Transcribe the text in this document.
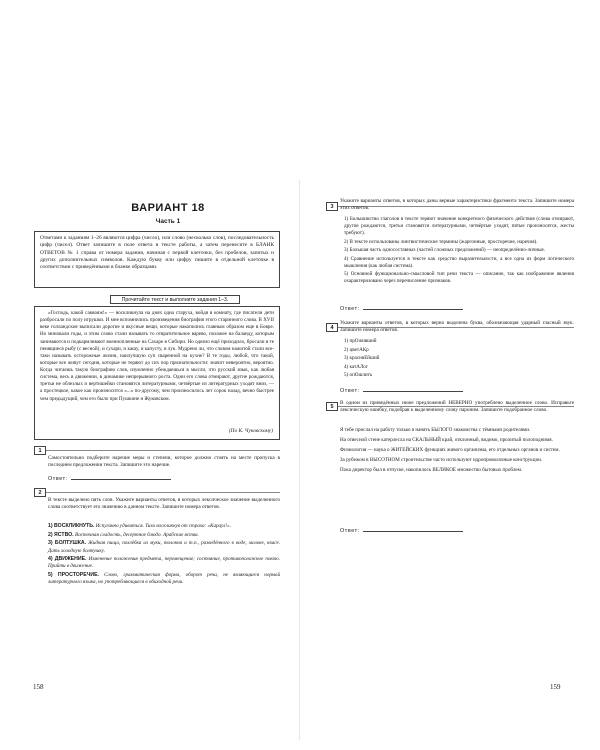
ВАРИАНТ 18
Часть 1
Ответами к заданиям 1–26 являются цифра (число), или слово (несколько слов), последовательность цифр (чисел). Ответ запишите в поле ответа в тексте работы, а затем перенесите в БЛАНК ОТВЕТОВ № 1 справа от номера задания, начиная с первой клеточки, без пробелов, запятых и других дополнительных символов. Каждую букву или цифру пишите в отдельной клеточке в соответствии с приведёнными в бланке образцами.
Прочитайте текст и выполните задания 1–3.

«Господь, какой саквояж!» — воскликнула на днях одна старуха, войдя в комнату, где писатели дети разбросали по полу игрушки. И мне вспомнились произведения биография этого старинного слова. В XVII веке голландские выписали дорогие и вкусные вещи, которые накопились главным образом еще в Бовре. Но миновали годы, и этим слово стали называть то отвратительное варево, похожее на баланду, которым занимаются и подкармливают военнопленные на Сахаре в Сибири. Но одеяло ещё приходило, бросали в те пенящиеся рыбу (с весной), и сухари, и кашу, и капусту, и лук. Мудрено ли, что словом нажитой стали все-таки называть осторожные жизни, наилучшую суп сваренной на кухне? В те годы, любой, что такой, которые все живут сегодня, которые не теряют до сих пор признательности: значит невероятно, вероятно. Когда читаешь такую биографию слов, изумленно убеждаешься в мысли, что русский язык, как любая система, весь в движении, в динамике непрерывного роста. Одни его слова отмирают, другие рождаются, третьи не облезлых и вертишейки становятся литературными, четвёртые из литературных уходят вниз, — а простецкое, какое как произносится «...» по-другому, чем произносилось лет сорок назад, вечно быстрее чем предыдущий, чем его было при Пушкине и Жуковском.

(По К. Чуковскому)
1
Самостоятельно подберите наречие меры и степени, которое должно стоять на месте пропуска в последнем предложении текста. Запишите это наречие.
Ответ:
2
В тексте выделено пять слов. Укажите варианты ответов, в которых лексическое значение выделенного слова соответствует его значению в данном тексте. Запишите номера ответов.
1) ВОСКЛИКНУТЬ. Испуганно удивиться. Тихо воскликнув от страха: «Караул!».
2) ЯСТВО. Восточная сладость, десертное блюдо. Арабские яства.
3) БОЛТУШКА. Жидкая пища, похлёбка из муки, толокна и т.п., разведённого в воде, молоке, квасе. Дать холодную болтушку.
4) ДВИЖЕНИЕ. Изменение положения предмета, перемещение; состояние, противоположное покою. Прийти в движение.
5) ПРОСТОРЕЧИЕ. Слово, грамматическая форма, оборот речи, не являющиеся нормой литературного языка, но употребляющиеся в обиходной речи.
158
3
Укажите варианты ответов, в которых даны верные характеристики фрагмента текста. Запишите номера этих ответов.
1) Большинство глаголов в тексте теряют значение конкретного физического действия (слова отмирают, другие рождаются, третьи становятся литературными, четвёртые уходят, пятые произносятся, жесты требуют).
2) В тексте использованы лингвистические термины (жаргонные, просторечие, наречия).
3) Большая часть односоставных (частей сложных предложений) — неопределённо-личные.
4) Сравнение используется в тексте как средство выразительности, а все одна из форм логического мышления (как любая система).
5) Основной функционально-смысловой тип речи текста — описание, так как изображение явления охарактеризовано через перечисление признаков.
Ответ:
4
Укажите варианты ответов, в которых верно выделена буква, обозначающая ударный гласный звук. Запишите номера ответов.
1) прОживший
2) цветАКр
3) красивЕйший
4) катАЛог
5) опОшлить
Ответ:
5
В одном из приведённых ниже предложений НЕВЕРНО употреблено выделенное слово. Исправьте лексическую ошибку, подобрав к выделенному слову пароним. Запишите подобранное слово.
Я тебе прислал на работу только я нанять БЫЛОГО знакомства с тёмными родителями.
На отвесной стене катерлесла на СКАЛЬНЫЙ край, отклонный, видимо, пролитый полоподнимя.
Физиология — наука о ЖИТЕЙСКИХ функциях живого организма, его отдельных органов и систем.
За рубежом в ВЫСОТНОМ строительстве часто используют идропроволочные конструкции.
Пока директор был в отпуске, накопилось ВЕЛИКОЕ множество бытовых проблем.
Ответ:
159
